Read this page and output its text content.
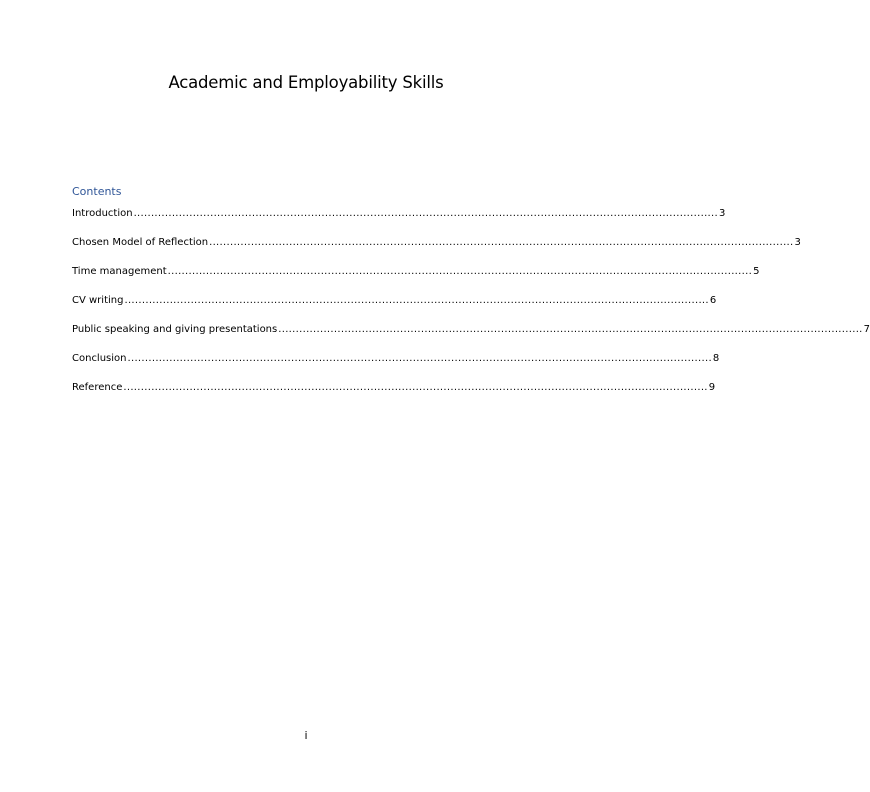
Academic and Employability Skills
Contents
Introduction ........................................................................................................................................................................ 3
Chosen Model of Reflection ........................................................................................................................................................................ 3
Time management ........................................................................................................................................................................ 5
CV writing ........................................................................................................................................................................ 6
Public speaking and giving presentations ........................................................................................................................................................................ 7
Conclusion ........................................................................................................................................................................ 8
Reference ........................................................................................................................................................................ 9
i
